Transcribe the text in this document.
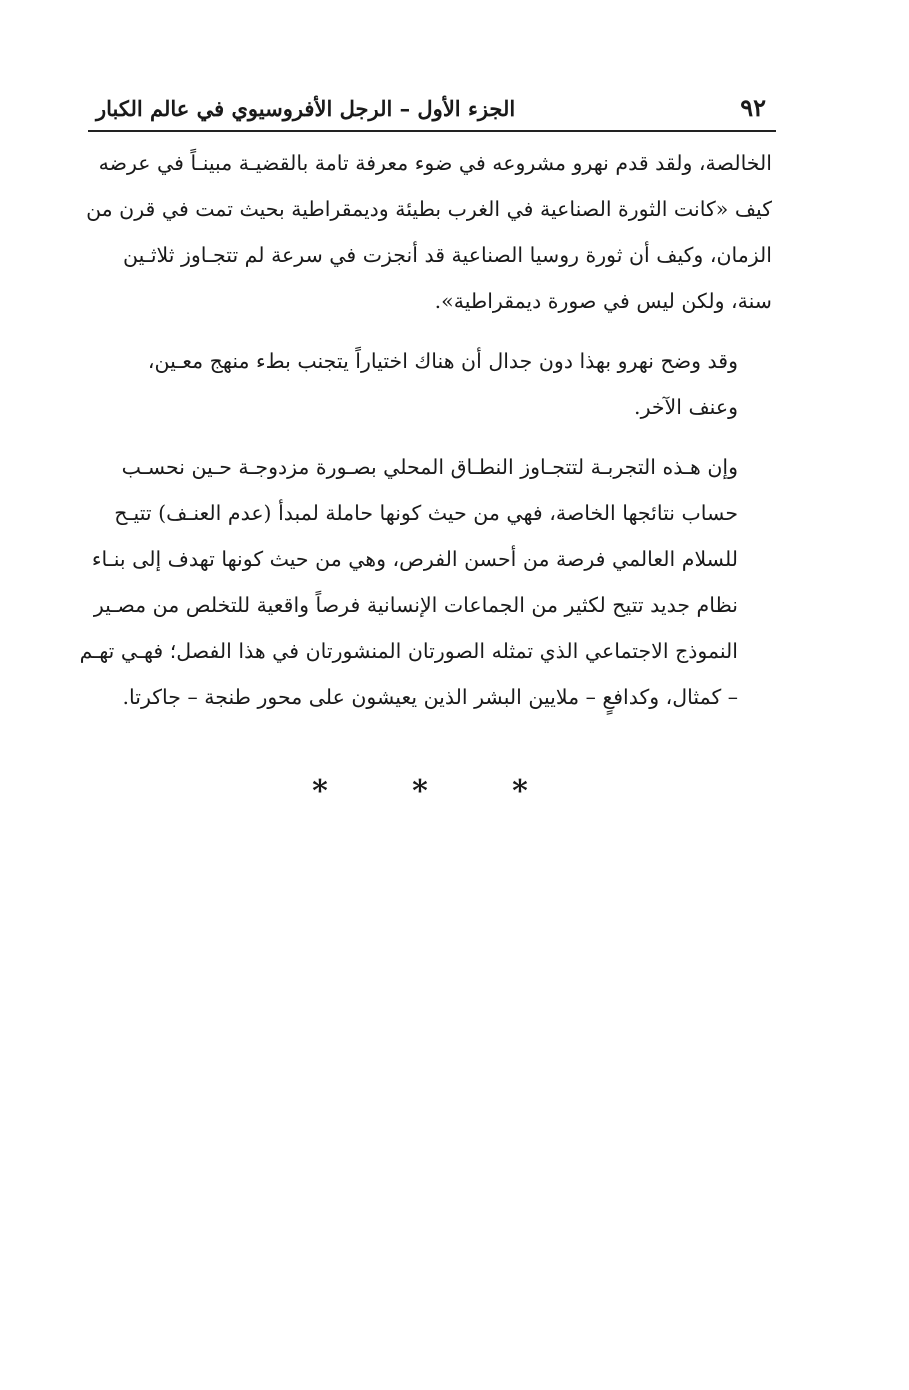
٩٢
الجزء الأول – الرجل الأفروسيوي في عالم الكبار

الخالصة، ولقد قدم نهرو مشروعه في ضوء معرفة تامة بالقضيـة مبينـاً في عرضه
كيف «كانت الثورة الصناعية في الغرب بطيئة وديمقراطية بحيث تمت في قرن من
الزمان، وكيف أن ثورة روسيا الصناعية قد أنجزت في سرعة لم تتجـاوز ثلاثـين
سنة، ولكن ليس في صورة ديمقراطية».

وقد وضح نهرو بهذا دون جدال أن هناك اختياراً يتجنب بطء منهج معـين،
وعنف الآخر.

وإن هـذه التجربـة لتتجـاوز النطـاق المحلي بصـورة مزدوجـة حـين نحسـب
حساب نتائجها الخاصة، فهي من حيث كونها حاملة لمبدأ (عدم العنـف) تتيـح
للسلام العالمي فرصة من أحسن الفرص، وهي من حيث كونها تهدف إلى بنـاء
نظام جديد تتيح لكثير من الجماعات الإنسانية فرصاً واقعية للتخلص من مصـير
النموذج الاجتماعي الذي تمثله الصورتان المنشورتان في هذا الفصل؛ فهـي تهـم
– كمثال، وكدافعٍ – ملايين البشر الذين يعيشون على محور طنجة – جاكرتا.

*	*	*
